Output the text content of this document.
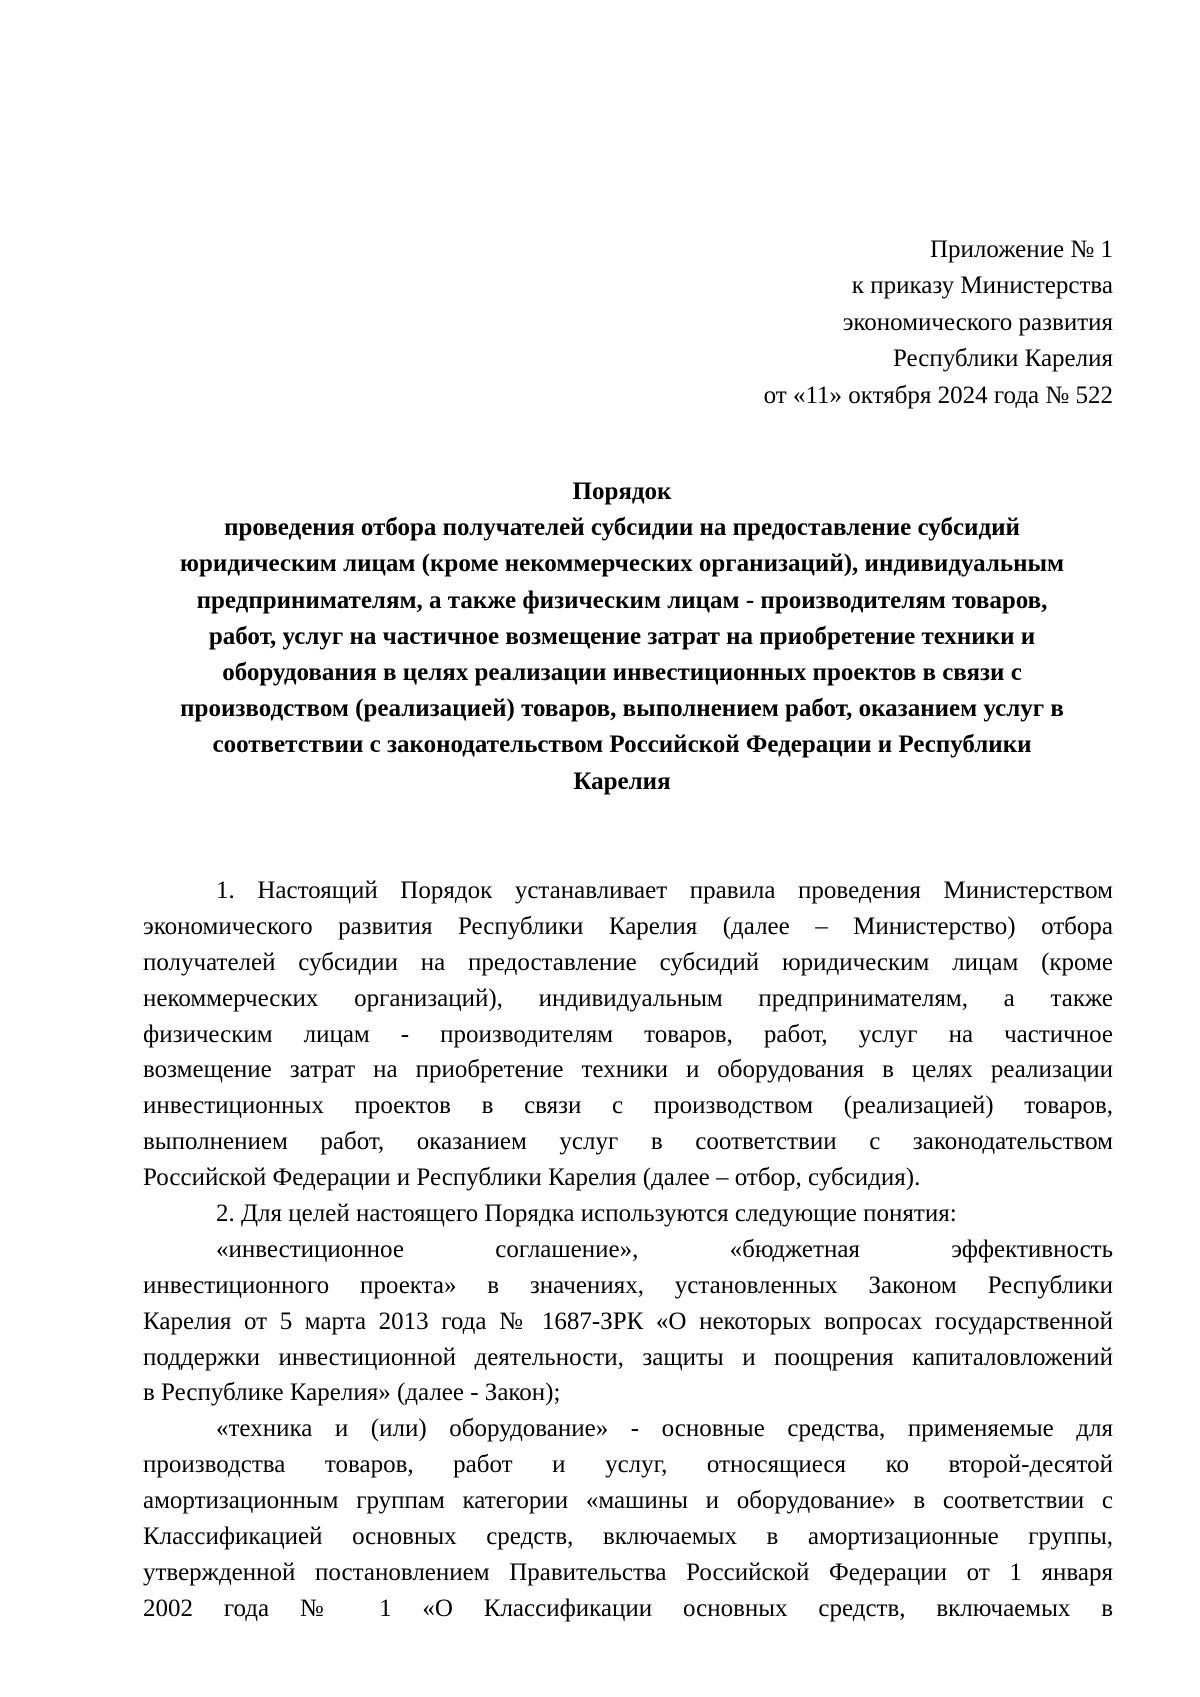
Приложение № 1
к приказу Министерства
экономического развития
Республики Карелия
от «11» октября 2024 года № 522
Порядок
проведения отбора получателей субсидии на предоставление субсидий
юридическим лицам (кроме некоммерческих организаций), индивидуальным
предпринимателям, а также физическим лицам - производителям товаров,
работ, услуг на частичное возмещение затрат на приобретение техники и
оборудования в целях реализации инвестиционных проектов в связи с
производством (реализацией) товаров, выполнением работ, оказанием услуг в
соответствии с законодательством Российской Федерации и Республики
Карелия
1. Настоящий Порядок устанавливает правила проведения Министерством
экономического развития Республики Карелия (далее – Министерство) отбора
получателей субсидии на предоставление субсидий юридическим лицам (кроме
некоммерческих организаций), индивидуальным предпринимателям, а также
физическим лицам - производителям товаров, работ, услуг на частичное
возмещение затрат на приобретение техники и оборудования в целях реализации
инвестиционных проектов в связи с производством (реализацией) товаров,
выполнением работ, оказанием услуг в соответствии с законодательством
Российской Федерации и Республики Карелия (далее – отбор, субсидия).
2. Для целей настоящего Порядка используются следующие понятия:
«инвестиционное соглашение», «бюджетная эффективность
инвестиционного проекта» в значениях, установленных Законом Республики
Карелия от 5 марта 2013 года № 1687-ЗРК «О некоторых вопросах государственной
поддержки инвестиционной деятельности, защиты и поощрения капиталовложений
в Республике Карелия» (далее - Закон);
«техника и (или) оборудование» - основные средства, применяемые для
производства товаров, работ и услуг, относящиеся ко второй-десятой
амортизационным группам категории «машины и оборудование» в соответствии с
Классификацией основных средств, включаемых в амортизационные группы,
утвержденной постановлением Правительства Российской Федерации от 1 января
2002 года № 1 «О Классификации основных средств, включаемых в
